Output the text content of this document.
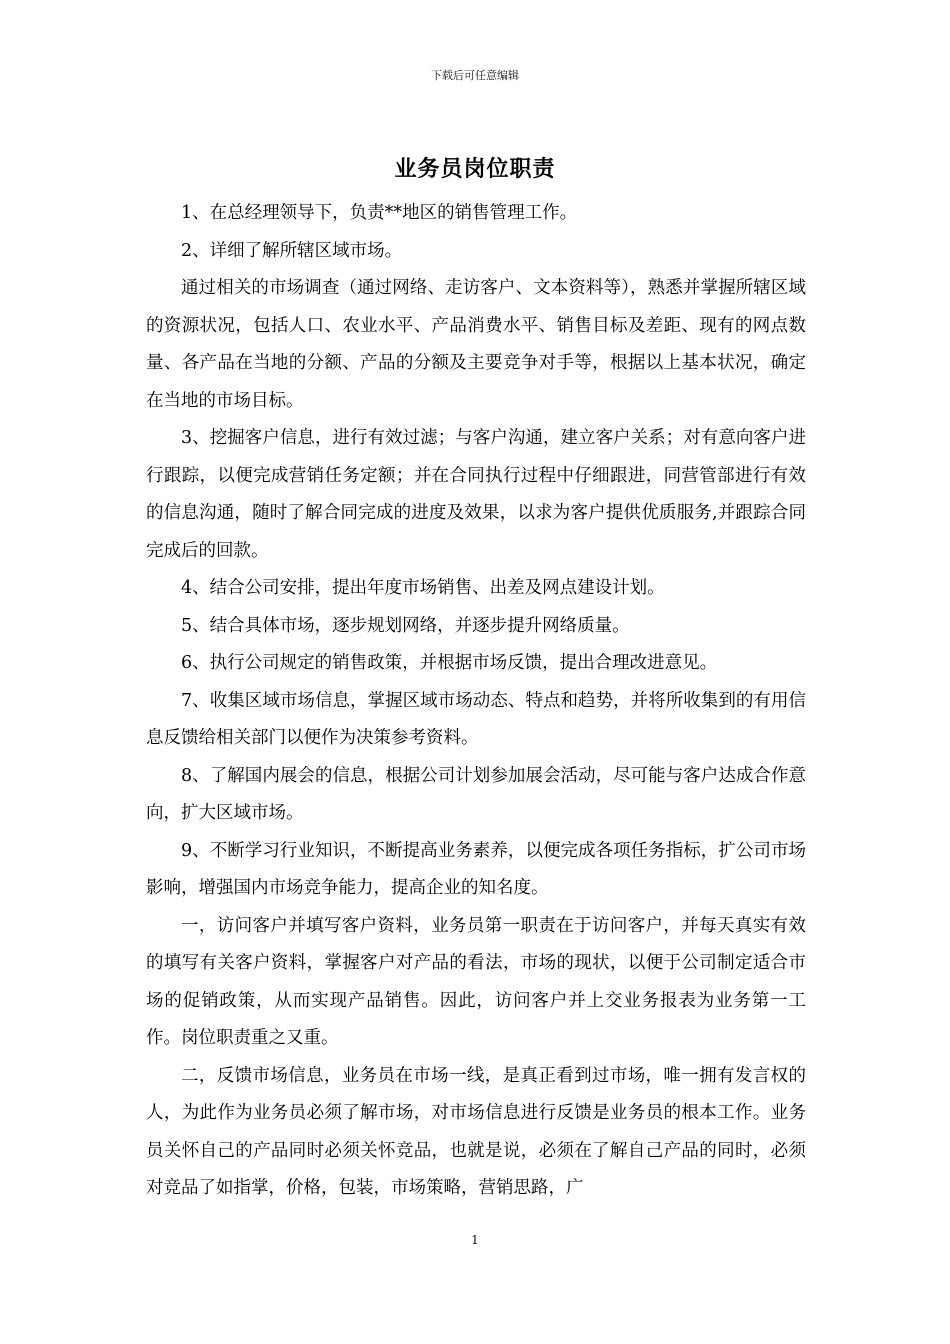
下载后可任意编辑
业务员岗位职责

1、在总经理领导下，负责**地区的销售管理工作。

2、详细了解所辖区域市场。

通过相关的市场调查（通过网络、走访客户、文本资料等），熟悉并掌握所辖区域的资源状况，包括人口、农业水平、产品消费水平、销售目标及差距、现有的网点数量、各产品在当地的分额、产品的分额及主要竞争对手等，根据以上基本状况，确定在当地的市场目标。

3、挖掘客户信息，进行有效过滤；与客户沟通，建立客户关系；对有意向客户进行跟踪，以便完成营销任务定额；并在合同执行过程中仔细跟进，同营管部进行有效的信息沟通，随时了解合同完成的进度及效果，以求为客户提供优质服务,并跟踪合同完成后的回款。

4、结合公司安排，提出年度市场销售、出差及网点建设计划。

5、结合具体市场，逐步规划网络，并逐步提升网络质量。

6、执行公司规定的销售政策，并根据市场反馈，提出合理改进意见。

7、收集区域市场信息，掌握区域市场动态、特点和趋势，并将所收集到的有用信息反馈给相关部门以便作为决策参考资料。

8、了解国内展会的信息，根据公司计划参加展会活动，尽可能与客户达成合作意向，扩大区域市场。

9、不断学习行业知识，不断提高业务素养，以便完成各项任务指标，扩公司市场影响，增强国内市场竞争能力，提高企业的知名度。

一，访问客户并填写客户资料，业务员第一职责在于访问客户，并每天真实有效的填写有关客户资料，掌握客户对产品的看法，市场的现状，以便于公司制定适合市场的促销政策，从而实现产品销售。因此，访问客户并上交业务报表为业务第一工作。岗位职责重之又重。

二，反馈市场信息，业务员在市场一线，是真正看到过市场，唯一拥有发言权的人，为此作为业务员必须了解市场，对市场信息进行反馈是业务员的根本工作。业务员关怀自己的产品同时必须关怀竞品，也就是说，必须在了解自己产品的同时，必须对竞品了如指掌，价格，包装，市场策略，营销思路，广

1
